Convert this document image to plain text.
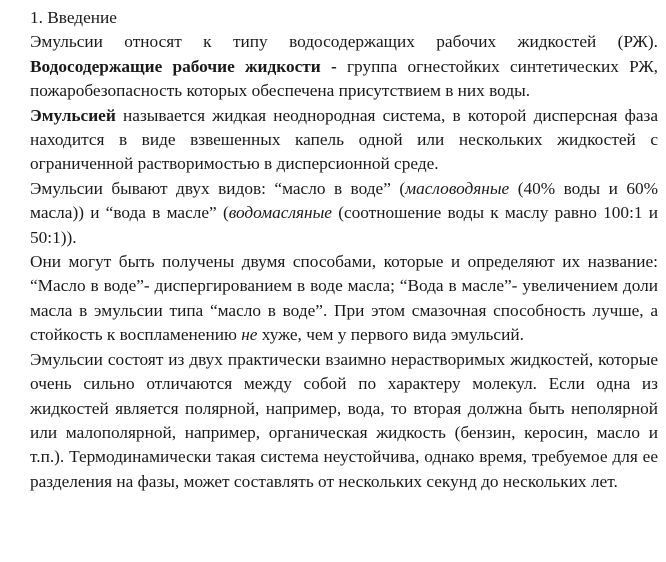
1. Введение

Эмульсии относят к типу водосодержащих рабочих жидкостей (РЖ). Водосодержащие рабочие жидкости - группа огнестойких синтетических РЖ, пожаробезопасность которых обеспечена присутствием в них воды.

Эмульсией называется жидкая неоднородная система, в которой дисперсная фаза находится в виде взвешенных капель одной или нескольких жидкостей с ограниченной растворимостью в дисперсионной среде.

Эмульсии бывают двух видов: “масло в воде” (масловодяные (40% воды и 60% масла)) и “вода в масле” (водомасляные (соотношение воды к маслу равно 100:1 и 50:1)).

Они могут быть получены двумя способами, которые и определяют их название: “Масло в воде”- диспергированием в воде масла; “Вода в масле”- увеличением доли масла в эмульсии типа “масло в воде”. При этом смазочная способность лучше, а стойкость к воспламенению не хуже, чем у первого вида эмульсий.

Эмульсии состоят из двух практически взаимно нерастворимых жидкостей, которые очень сильно отличаются между собой по характеру молекул. Если одна из жидкостей является полярной, например, вода, то вторая должна быть неполярной или малополярной, например, органическая жидкость (бензин, керосин, масло и т.п.). Термодинамически такая система неустойчива, однако время, требуемое для ее разделения на фазы, может составлять от нескольких секунд до нескольких лет.
